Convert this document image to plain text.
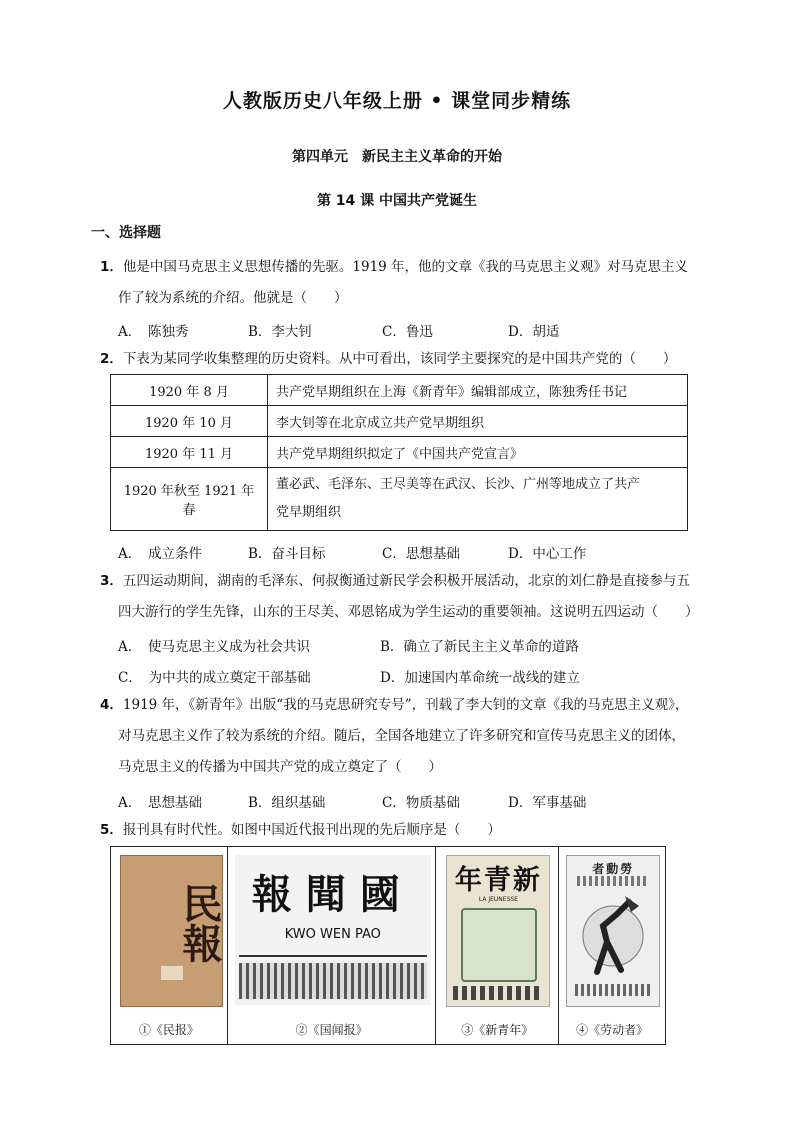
人教版历史八年级上册 • 课堂同步精练
第四单元　新民主主义革命的开始
第 14 课 中国共产党诞生
一、选择题
1．他是中国马克思主义思想传播的先驱。1919 年，他的文章《我的马克思主义观》对马克思主义
作了较为系统的介绍。他就是（　　）
A．　陈独秀	B．李大钊	C．鲁迅	D．胡适
2．下表为某同学收集整理的历史资料。从中可看出，该同学主要探究的是中国共产党的（　　）
1920 年 8 月	共产党早期组织在上海《新青年》编辑部成立，陈独秀任书记
1920 年 10 月	李大钊等在北京成立共产党早期组织
1920 年 11 月	共产党早期组织拟定了《中国共产党宣言》
1920 年秋至 1921 年春	董必武、毛泽东、王尽美等在武汉、长沙、广州等地成立了共产
党早期组织
A．　成立条件	B．奋斗目标	C．思想基础	D．中心工作
3．五四运动期间，湖南的毛泽东、何叔衡通过新民学会积极开展活动，北京的刘仁静是直接参与五
四大游行的学生先锋，山东的王尽美、邓恩铭成为学生运动的重要领袖。这说明五四运动（　　）
A．　使马克思主义成为社会共识	B．确立了新民主主义革命的道路
C．　为中共的成立奠定干部基础	D．加速国内革命统一战线的建立
4．1919 年，《新青年》出版“我的马克思研究专号”，刊载了李大钊的文章《我的马克思主义观》，
对马克思主义作了较为系统的介绍。随后，全国各地建立了许多研究和宣传马克思主义的团体，
马克思主义的传播为中国共产党的成立奠定了（　　）
A．　思想基础	B．组织基础	C．物质基础	D．军事基础
5．报刊具有时代性。如图中国近代报刊出现的先后顺序是（　　）
民報
①《民报》
報聞國
KWO WEN PAO
②《国闻报》
年青新
LA JEUNESSE
③《新青年》
者動勞
④《劳动者》
